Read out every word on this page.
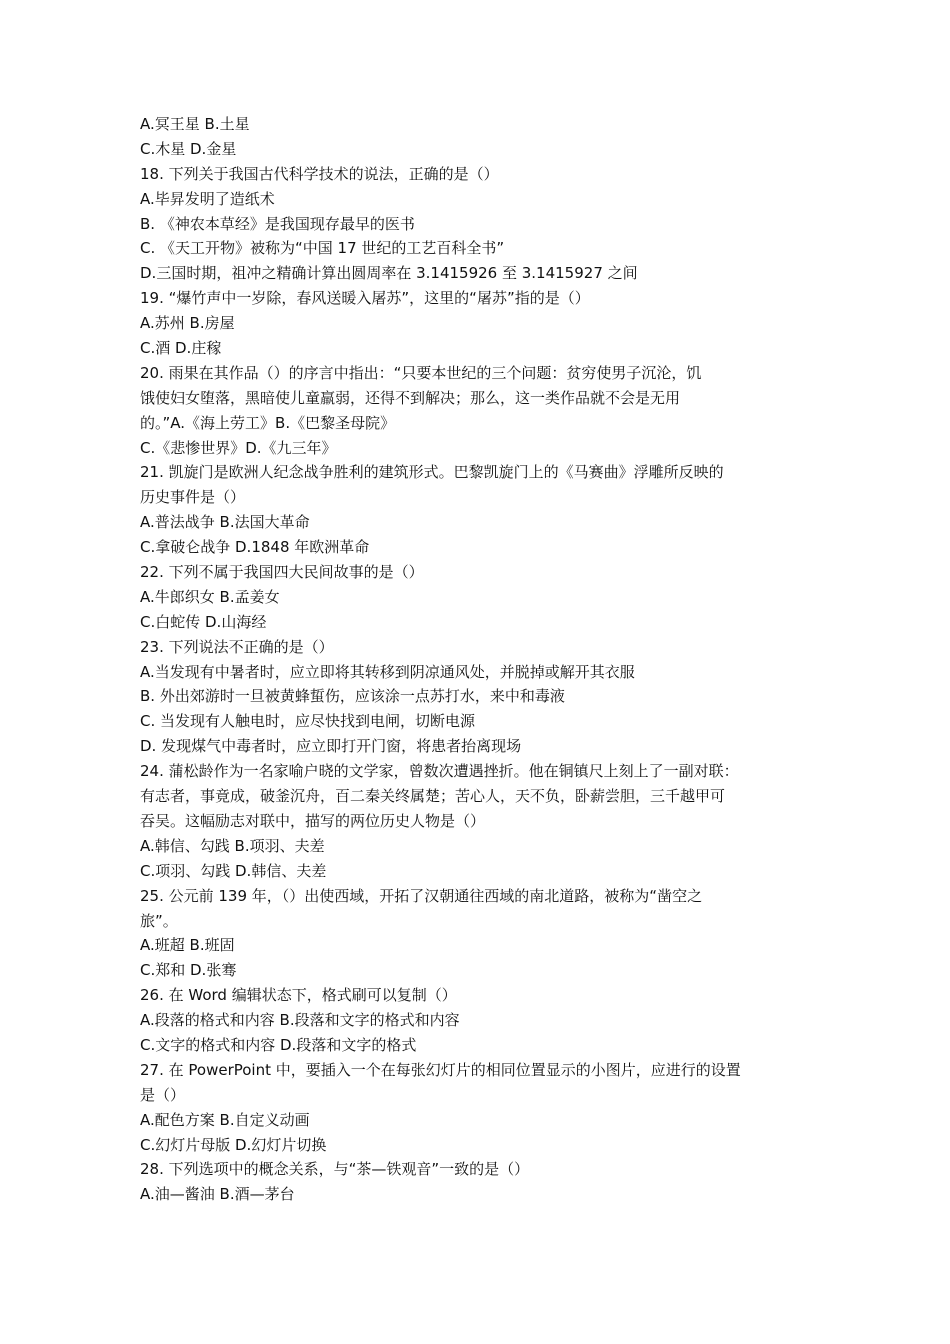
A.冥王星 B.土星
C.木星 D.金星
18. 下列关于我国古代科学技术的说法，正确的是（）
A.毕昇发明了造纸术
B. 《神农本草经》是我国现存最早的医书
C. 《天工开物》被称为“中国 17 世纪的工艺百科全书”
D.三国时期，祖冲之精确计算出圆周率在 3.1415926 至 3.1415927 之间
19. “爆竹声中一岁除，春风送暖入屠苏”，这里的“屠苏”指的是（）
A.苏州 B.房屋
C.酒 D.庄稼
20. 雨果在其作品（）的序言中指出：“只要本世纪的三个问题：贫穷使男子沉沦，饥
饿使妇女堕落，黑暗使儿童羸弱，还得不到解决；那么，这一类作品就不会是无用
的。”A.《海上劳工》B.《巴黎圣母院》
C.《悲惨世界》D.《九三年》
21. 凯旋门是欧洲人纪念战争胜利的建筑形式。巴黎凯旋门上的《马赛曲》浮雕所反映的
历史事件是（）
A.普法战争 B.法国大革命
C.拿破仑战争 D.1848 年欧洲革命
22. 下列不属于我国四大民间故事的是（）
A.牛郎织女 B.孟姜女
C.白蛇传 D.山海经
23. 下列说法不正确的是（）
A.当发现有中暑者时，应立即将其转移到阴凉通风处，并脱掉或解开其衣服
B. 外出郊游时一旦被黄蜂蜇伤，应该涂一点苏打水，来中和毒液
C. 当发现有人触电时，应尽快找到电闸，切断电源
D. 发现煤气中毒者时，应立即打开门窗，将患者抬离现场
24. 蒲松龄作为一名家喻户晓的文学家，曾数次遭遇挫折。他在铜镇尺上刻上了一副对联：
有志者，事竟成，破釜沉舟，百二秦关终属楚；苦心人，天不负，卧薪尝胆，三千越甲可
吞吴。这幅励志对联中，描写的两位历史人物是（）
A.韩信、勾践 B.项羽、夫差
C.项羽、勾践 D.韩信、夫差
25. 公元前 139 年，（）出使西域，开拓了汉朝通往西域的南北道路，被称为“凿空之
旅”。
A.班超 B.班固
C.郑和 D.张骞
26. 在 Word 编辑状态下，格式刷可以复制（）
A.段落的格式和内容 B.段落和文字的格式和内容
C.文字的格式和内容 D.段落和文字的格式
27. 在 PowerPoint 中，要插入一个在每张幻灯片的相同位置显示的小图片，应进行的设置
是（）
A.配色方案 B.自定义动画
C.幻灯片母版 D.幻灯片切换
28. 下列选项中的概念关系，与“茶—铁观音”一致的是（）
A.油—酱油 B.酒—茅台
